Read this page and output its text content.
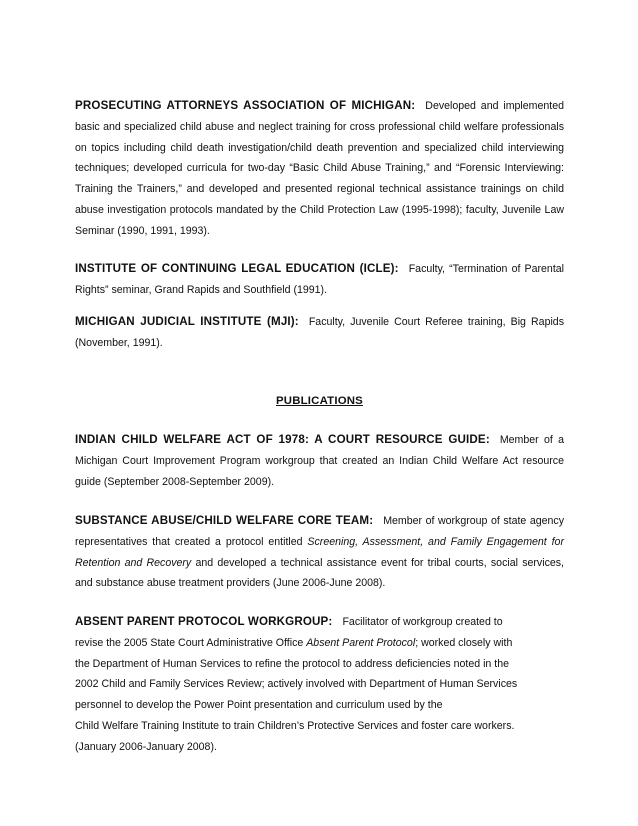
PROSECUTING ATTORNEYS ASSOCIATION OF MICHIGAN: Developed and implemented basic and specialized child abuse and neglect training for cross professional child welfare professionals on topics including child death investigation/child death prevention and specialized child interviewing techniques; developed curricula for two-day “Basic Child Abuse Training,” and “Forensic Interviewing: Training the Trainers,” and developed and presented regional technical assistance trainings on child abuse investigation protocols mandated by the Child Protection Law (1995-1998); faculty, Juvenile Law Seminar (1990, 1991, 1993).
INSTITUTE OF CONTINUING LEGAL EDUCATION (ICLE): Faculty, “Termination of Parental Rights” seminar, Grand Rapids and Southfield (1991).
MICHIGAN JUDICIAL INSTITUTE (MJI): Faculty, Juvenile Court Referee training, Big Rapids (November, 1991).
PUBLICATIONS
INDIAN CHILD WELFARE ACT OF 1978: A COURT RESOURCE GUIDE: Member of a Michigan Court Improvement Program workgroup that created an Indian Child Welfare Act resource guide (September 2008-September 2009).
SUBSTANCE ABUSE/CHILD WELFARE CORE TEAM: Member of workgroup of state agency representatives that created a protocol entitled Screening, Assessment, and Family Engagement for Retention and Recovery and developed a technical assistance event for tribal courts, social services, and substance abuse treatment providers (June 2006-June 2008).
ABSENT PARENT PROTOCOL WORKGROUP: Facilitator of workgroup created to
revise the 2005 State Court Administrative Office Absent Parent Protocol; worked closely with
the Department of Human Services to refine the protocol to address deficiencies noted in the
2002 Child and Family Services Review; actively involved with Department of Human Services
personnel to develop the Power Point presentation and curriculum used by the
Child Welfare Training Institute to train Children’s Protective Services and foster care workers.
(January 2006-January 2008).
